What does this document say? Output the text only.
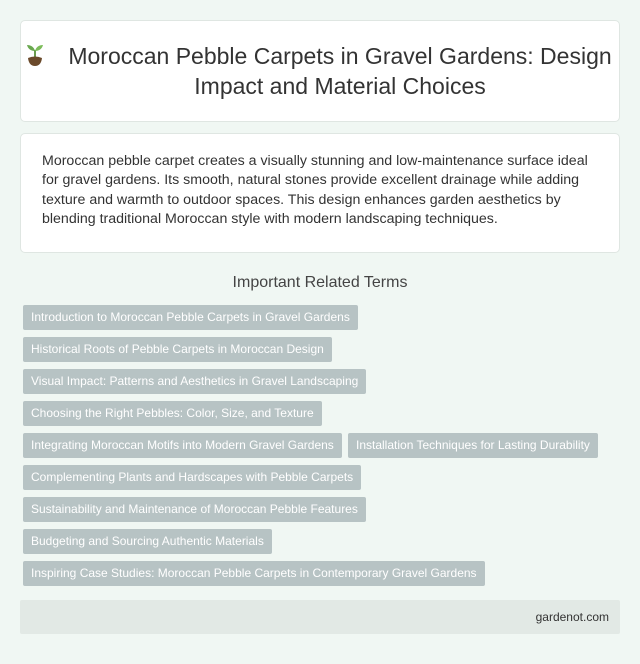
Moroccan Pebble Carpets in Gravel Gardens: Design Impact and Material Choices

Moroccan pebble carpet creates a visually stunning and low-maintenance surface ideal for gravel gardens. Its smooth, natural stones provide excellent drainage while adding texture and warmth to outdoor spaces. This design enhances garden aesthetics by blending traditional Moroccan style with modern landscaping techniques.

Important Related Terms
Introduction to Moroccan Pebble Carpets in Gravel Gardens
Historical Roots of Pebble Carpets in Moroccan Design
Visual Impact: Patterns and Aesthetics in Gravel Landscaping
Choosing the Right Pebbles: Color, Size, and Texture
Integrating Moroccan Motifs into Modern Gravel Gardens	Installation Techniques for Lasting Durability
Complementing Plants and Hardscapes with Pebble Carpets
Sustainability and Maintenance of Moroccan Pebble Features
Budgeting and Sourcing Authentic Materials
Inspiring Case Studies: Moroccan Pebble Carpets in Contemporary Gravel Gardens
gardenot.com
